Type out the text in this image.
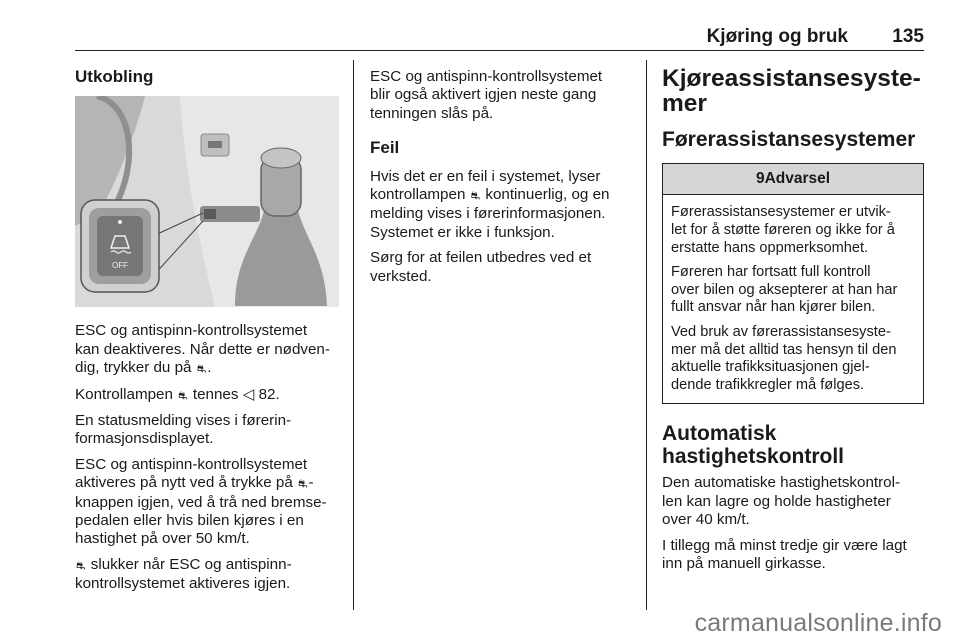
Kjøring og bruk 135
Utkobling
OFF

ESC og antispinn-kontrollsystemet
kan deaktiveres. Når dette er nødven-
dig, trykker du på ⛐.

Kontrollampen ⛐ tennes ◁ 82.

En statusmelding vises i førerin-
formasjonsdisplayet.

ESC og antispinn-kontrollsystemet
aktiveres på nytt ved å trykke på ⛐-
knappen igjen, ved å trå ned bremse-
pedalen eller hvis bilen kjøres i en
hastighet på over 50 km/t.

⛐ slukker når ESC og antispinn-
kontrollsystemet aktiveres igjen.

ESC og antispinn-kontrollsystemet
blir også aktivert igjen neste gang
tenningen slås på.

Feil

Hvis det er en feil i systemet, lyser
kontrollampen ⛐ kontinuerlig, og en
melding vises i førerinformasjonen.
Systemet er ikke i funksjon.

Sørg for at feilen utbedres ved et
verksted.

Kjøreassistansesyste-
mer
Førerassistansesystemer
9Advarsel

Førerassistansesystemer er utvik-
let for å støtte føreren og ikke for å
erstatte hans oppmerksomhet.

Føreren har fortsatt full kontroll
over bilen og aksepterer at han har
fullt ansvar når han kjører bilen.

Ved bruk av førerassistansesyste-
mer må det alltid tas hensyn til den
aktuelle trafikksituasjonen gjel-
dende trafikkregler må følges.

Automatisk
hastighetskontroll

Den automatiske hastighetskontrol-
len kan lagre og holde hastigheter
over 40 km/t.

I tillegg må minst tredje gir være lagt
inn på manuell girkasse.

carmanualsonline.info
